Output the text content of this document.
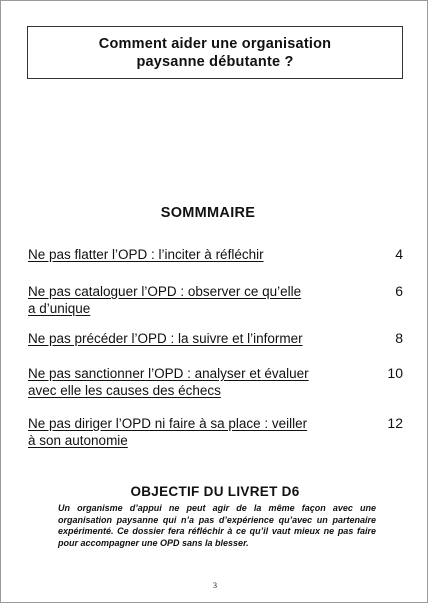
Comment aider une organisation
paysanne débutante ?
SOMMMAIRE
Ne pas flatter l’OPD : l’inciter à réfléchir	4
Ne pas cataloguer l’OPD : observer ce qu’elle
a d’unique
6
Ne pas précéder l’OPD : la suivre et l’informer	8
Ne pas sanctionner l’OPD : analyser et évaluer
avec elle les causes des échecs
10
Ne pas diriger l’OPD ni faire à sa place : veiller
à son autonomie
12
OBJECTIF DU LIVRET D6
Un organisme d’appui ne peut agir de la même façon avec une organisation paysanne qui n’a pas d’expérience qu’avec un partenaire expérimenté. Ce dossier fera réfléchir à ce qu’il vaut mieux ne pas faire pour accompagner une OPD sans la blesser.
3
